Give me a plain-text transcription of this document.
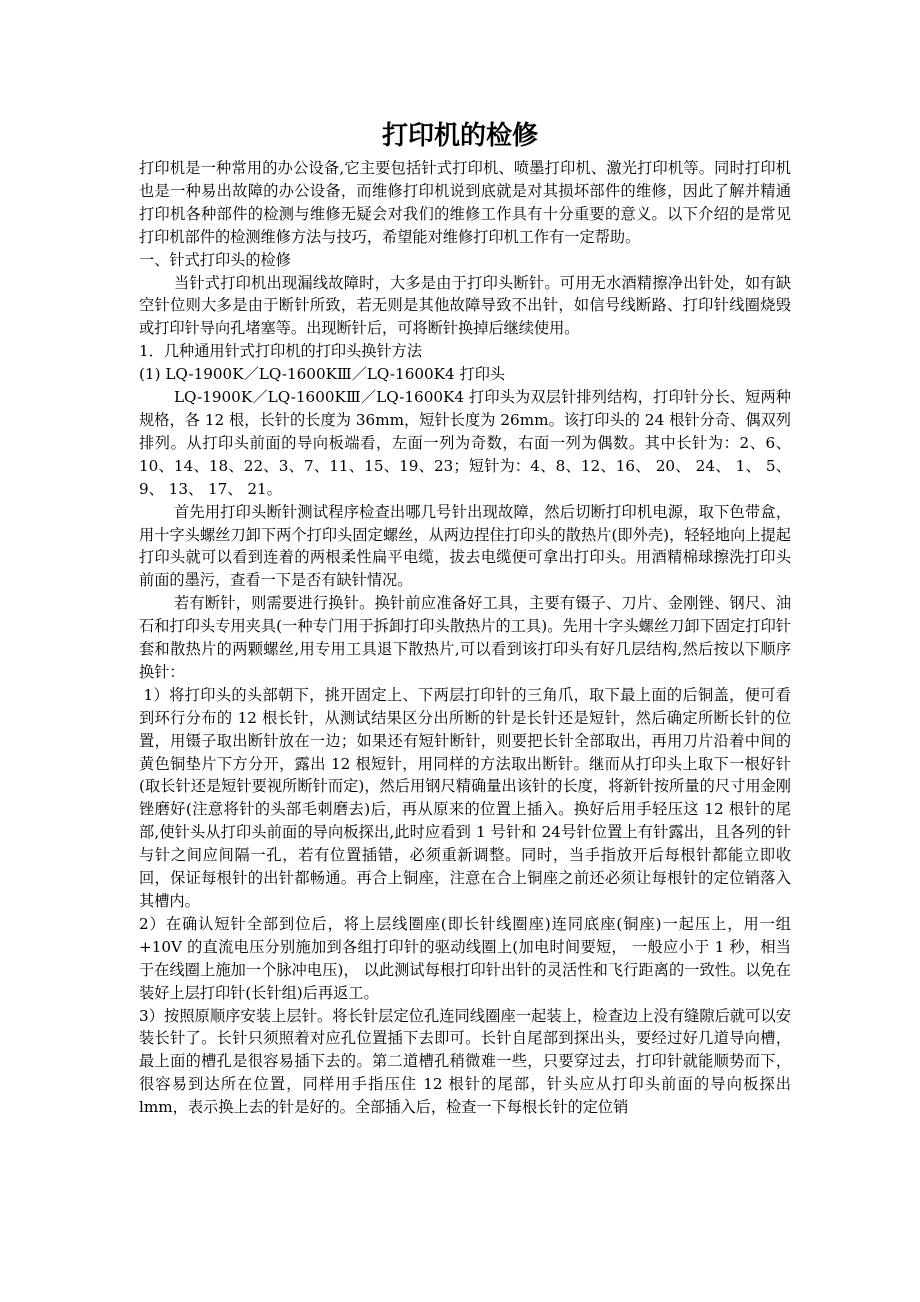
打印机的检修

打印机是一种常用的办公设备,它主要包括针式打印机、喷墨打印机、激光打印机等。同时打印机也是一种易出故障的办公设备，而维修打印机说到底就是对其损坏部件的维修，因此了解并精通打印机各种部件的检测与维修无疑会对我们的维修工作具有十分重要的意义。以下介绍的是常见打印机部件的检测维修方法与技巧，希望能对维修打印机工作有一定帮助。

一、针式打印头的检修

当针式打印机出现漏线故障时，大多是由于打印头断针。可用无水酒精擦净出针处，如有缺空针位则大多是由于断针所致，若无则是其他故障导致不出针，如信号线断路、打印针线圈烧毁或打印针导向孔堵塞等。出现断针后，可将断针换掉后继续使用。

1．几种通用针式打印机的打印头换针方法

(1) LQ-1900K／LQ-1600KⅢ／LQ-1600K4 打印头

LQ-1900K／LQ-1600KⅢ／LQ-1600K4 打印头为双层针排列结构，打印针分长、短两种规格，各 12 根，长针的长度为 36mm，短针长度为 26mm。该打印头的 24 根针分奇、偶双列排列。从打印头前面的导向板端看，左面一列为奇数，右面一列为偶数。其中长针为：2、6、10、14、18、22、3、7、11、15、19、23；短针为：4、8、12、16、 20、 24、 1、 5、 9、 13、 17、 21。

首先用打印头断针测试程序检查出哪几号针出现故障，然后切断打印机电源，取下色带盒，用十字头螺丝刀卸下两个打印头固定螺丝，从两边捏住打印头的散热片(即外壳)，轻轻地向上提起打印头就可以看到连着的两根柔性扁平电缆，拔去电缆便可拿出打印头。用酒精棉球擦洗打印头前面的墨污，查看一下是否有缺针情况。

若有断针，则需要进行换针。换针前应准备好工具，主要有镊子、刀片、金刚锉、钢尺、油石和打印头专用夹具(一种专门用于拆卸打印头散热片的工具)。先用十字头螺丝刀卸下固定打印针套和散热片的两颗螺丝,用专用工具退下散热片,可以看到该打印头有好几层结构,然后按以下顺序换针：

1）将打印头的头部朝下，挑开固定上、下两层打印针的三角爪，取下最上面的后铜盖，便可看到环行分布的 12 根长针，从测试结果区分出所断的针是长针还是短针，然后确定所断长针的位置，用镊子取出断针放在一边；如果还有短针断针，则要把长针全部取出，再用刀片沿着中间的黄色铜垫片下方分开，露出 12 根短针，用同样的方法取出断针。继而从打印头上取下一根好针(取长针还是短针要视所断针而定)，然后用钢尺精确量出该针的长度，将新针按所量的尺寸用金刚锉磨好(注意将针的头部毛刺磨去)后，再从原来的位置上插入。换好后用手轻压这 12 根针的尾部,使针头从打印头前面的导向板探出,此时应看到 1 号针和 24号针位置上有针露出，且各列的针与针之间应间隔一孔，若有位置插错，必须重新调整。同时，当手指放开后每根针都能立即收回，保证每根针的出针都畅通。再合上铜座，注意在合上铜座之前还必须让每根针的定位销落入其槽内。

2）在确认短针全部到位后，将上层线圈座(即长针线圈座)连同底座(铜座)一起压上，用一组+10V 的直流电压分别施加到各组打印针的驱动线圈上(加电时间要短， 一般应小于 1 秒，相当于在线圈上施加一个脉冲电压)， 以此测试每根打印针出针的灵活性和飞行距离的一致性。以免在装好上层打印针(长针组)后再返工。

3）按照原顺序安装上层针。将长针层定位孔连同线圈座一起装上，检查边上没有缝隙后就可以安装长针了。长针只须照着对应孔位置插下去即可。长针自尾部到探出头，要经过好几道导向槽，最上面的槽孔是很容易插下去的。第二道槽孔稍微难一些，只要穿过去，打印针就能顺势而下，很容易到达所在位置，同样用手指压住 12 根针的尾部，针头应从打印头前面的导向板探出 lmm，表示换上去的针是好的。全部插入后，检查一下每根长针的定位销
